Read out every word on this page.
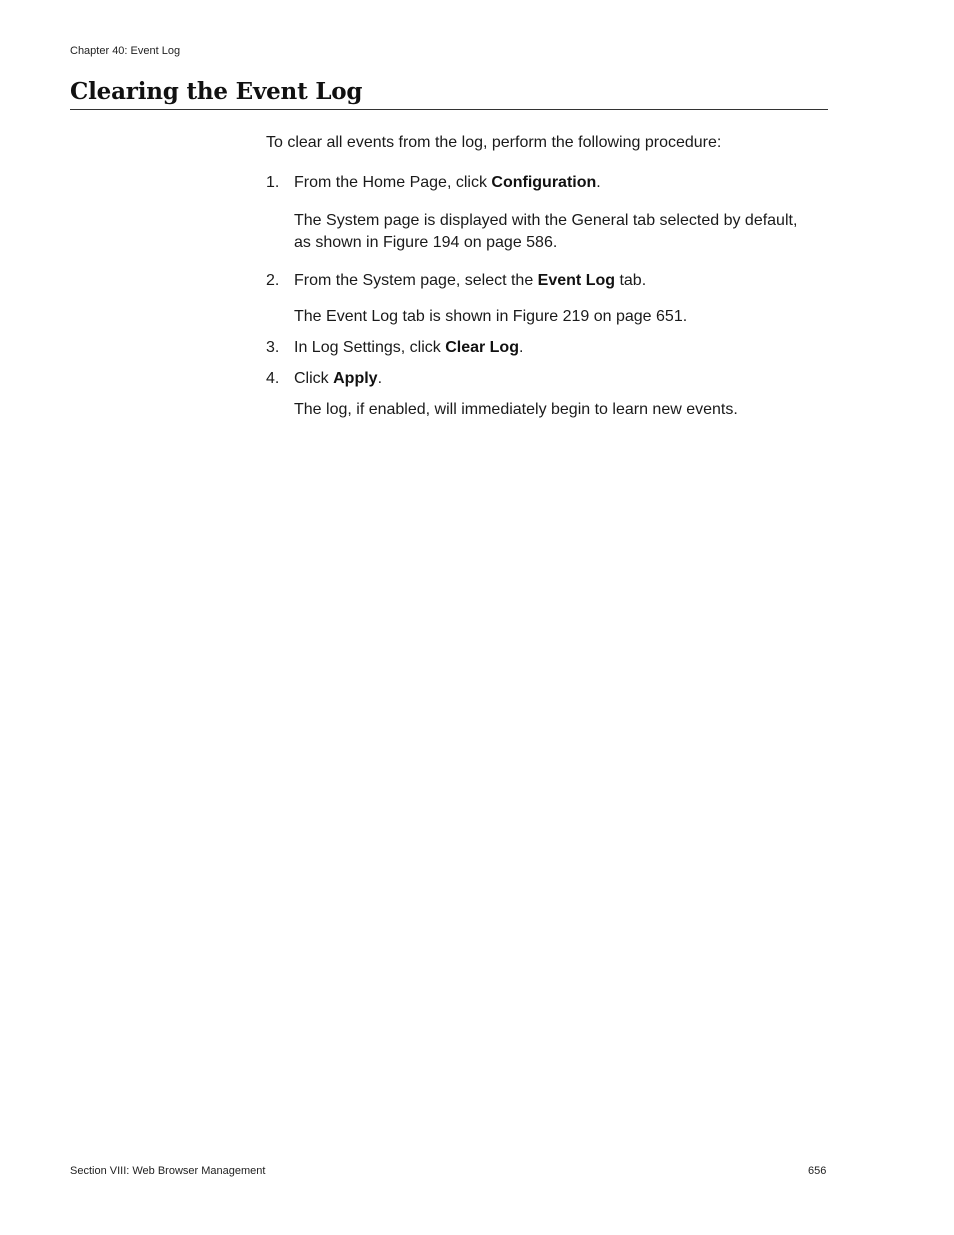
Chapter 40: Event Log
Clearing the Event Log

To clear all events from the log, perform the following procedure:

1. From the Home Page, click Configuration.

The System page is displayed with the General tab selected by default, as shown in Figure 194 on page 586.

2. From the System page, select the Event Log tab.

The Event Log tab is shown in Figure 219 on page 651.

3. In Log Settings, click Clear Log.

4. Click Apply.

The log, if enabled, will immediately begin to learn new events.

Section VIII: Web Browser Management	656
